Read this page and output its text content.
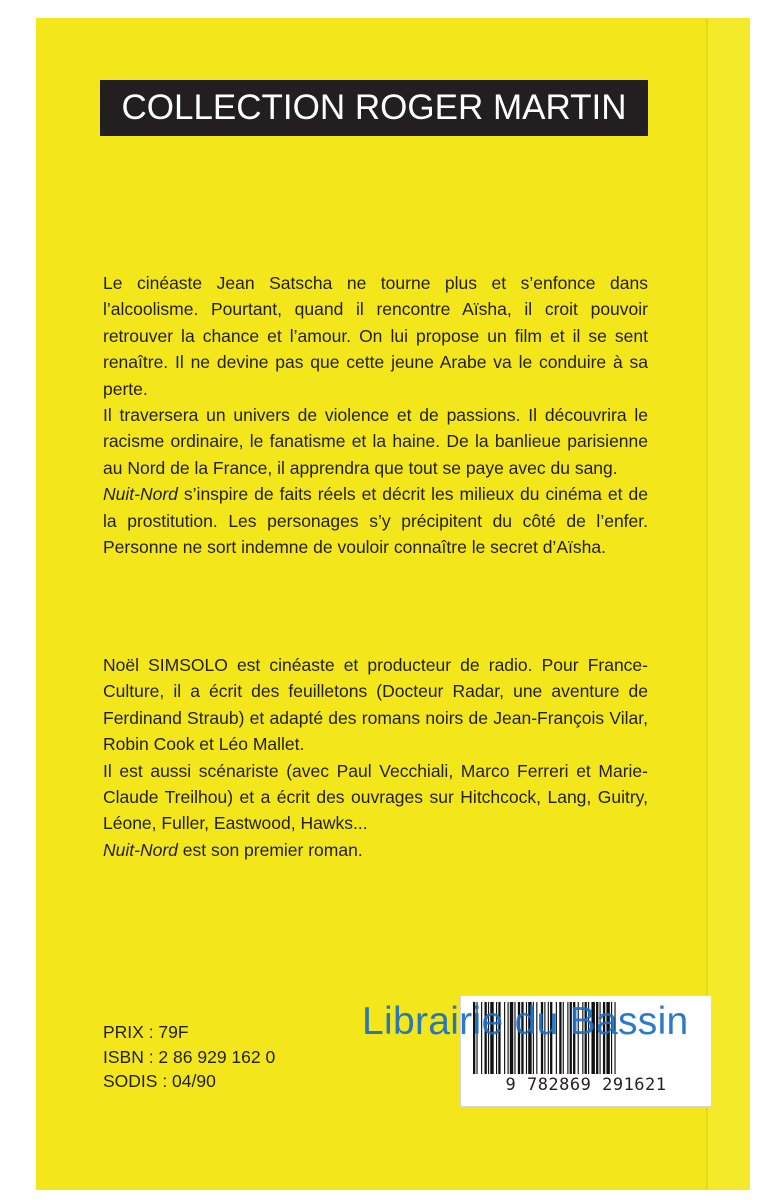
COLLECTION ROGER MARTIN

Le cinéaste Jean Satscha ne tourne plus et s’enfonce dans l’alcoolisme. Pourtant, quand il rencontre Aïsha, il croit pouvoir retrouver la chance et l’amour. On lui propose un film et il se sent renaître. Il ne devine pas que cette jeune Arabe va le conduire à sa perte.

Il traversera un univers de violence et de passions. Il découvrira le racisme ordinaire, le fanatisme et la haine. De la banlieue parisienne au Nord de la France, il apprendra que tout se paye avec du sang.

Nuit-Nord s’inspire de faits réels et décrit les milieux du cinéma et de la prostitution. Les personages s’y précipitent du côté de l’enfer. Personne ne sort indemne de vouloir connaître le secret d’Aïsha.

Noël SIMSOLO est cinéaste et producteur de radio. Pour France-Culture, il a écrit des feuilletons (Docteur Radar, une aventure de Ferdinand Straub) et adapté des romans noirs de Jean-François Vilar, Robin Cook et Léo Mallet.

Il est aussi scénariste (avec Paul Vecchiali, Marco Ferreri et Marie-Claude Treilhou) et a écrit des ouvrages sur Hitchcock, Lang, Guitry, Léone, Fuller, Eastwood, Hawks...

Nuit-Nord est son premier roman.

PRIX : 79F
ISBN : 2 86 929 162 0
SODIS : 04/90	9 782869 291621
Librairie du Bassin
